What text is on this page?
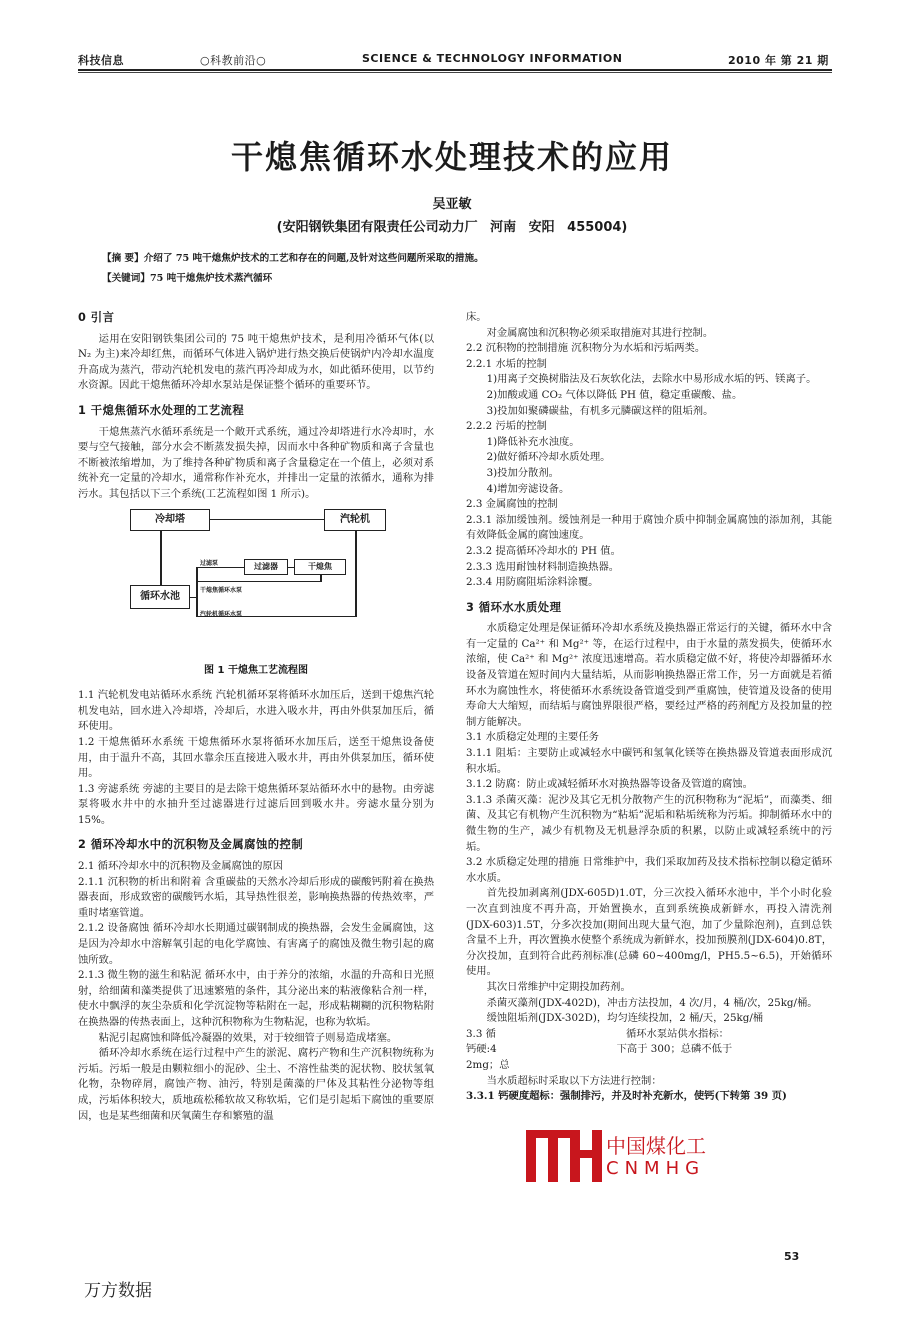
科技信息	○科教前沿○	SCIENCE & TECHNOLOGY INFORMATION	2010 年 第 21 期
干熄焦循环水处理技术的应用
吴亚敏
(安阳钢铁集团有限责任公司动力厂 河南 安阳 455004)
【摘 要】介绍了 75 吨干熄焦炉技术的工艺和存在的问题,及针对这些问题所采取的措施。
【关键词】75 吨干熄焦炉技术蒸汽循环
0 引言

运用在安阳钢铁集团公司的 75 吨干熄焦炉技术，是利用冷循环气体(以 N₂ 为主)来冷却红焦，而循环气体进入锅炉进行热交换后使锅炉内冷却水温度升高成为蒸汽，带动汽轮机发电的蒸汽再冷却成为水，如此循环使用，以节约水资源。因此干熄焦循环冷却水泵站是保证整个循环的重要环节。

1 干熄焦循环水处理的工艺流程

干熄焦蒸汽水循环系统是一个敞开式系统，通过冷却塔进行水冷却时，水要与空气接触，部分水会不断蒸发损失掉，因而水中各种矿物质和离子含量也不断被浓缩增加，为了维持各种矿物质和离子含量稳定在一个值上，必须对系统补充一定量的冷却水，通常称作补充水，并排出一定量的浓循水，通称为排污水。其包括以下三个系统(工艺流程如图 1 所示)。

冷却塔	汽轮机
过滤器	干熄焦
循环水池
过滤泵
干熄焦循环水泵
汽轮机循环水泵
图 1 干熄焦工艺流程图

1.1 汽轮机发电站循环水系统 汽轮机循环泵将循环水加压后，送到干熄焦汽轮机发电站，回水进入冷却塔，冷却后，水进入吸水井，再由外供泵加压后，循环使用。

1.2 干熄焦循环水系统 干熄焦循环水泵将循环水加压后，送至干熄焦设备使用，由于温升不高，其回水靠余压直接进入吸水井，再由外供泵加压，循环使用。

1.3 旁滤系统 旁滤的主要目的是去除干熄焦循环泵站循环水中的悬物。由旁滤泵将吸水井中的水抽升至过滤器进行过滤后回到吸水井。旁滤水量分别为 15%。

2 循环冷却水中的沉积物及金属腐蚀的控制

2.1 循环冷却水中的沉积物及金属腐蚀的原因

2.1.1 沉积物的析出和附着 含重碳盐的天然水冷却后形成的碳酸钙附着在换热器表面，形成致密的碳酸钙水垢，其导热性很差，影响换热器的传热效率，严重时堵塞管道。

2.1.2 设备腐蚀 循环冷却水长期通过碳钢制成的换热器，会发生金属腐蚀，这是因为冷却水中溶解氧引起的电化学腐蚀、有害离子的腐蚀及微生物引起的腐蚀所致。

2.1.3 微生物的滋生和粘泥 循环水中，由于养分的浓缩，水温的升高和日光照射，给细菌和藻类提供了迅速繁殖的条件，其分泌出来的粘液像粘合剂一样，使水中飘浮的灰尘杂质和化学沉淀物等粘附在一起，形成粘糊糊的沉积物粘附在换热器的传热表面上，这种沉积物称为生物粘泥，也称为软垢。

粘泥引起腐蚀和降低冷凝器的效果，对于较细管子则易造成堵塞。

循环冷却水系统在运行过程中产生的淤泥、腐朽产物和生产沉积物统称为污垢。污垢一般是由颗粒细小的泥砂、尘土、不溶性盐类的泥状物、胶状氢氧化物，杂物碎屑，腐蚀产物、油污，特别是菌藻的尸体及其粘性分泌物等组成，污垢体积较大，质地疏松稀软故又称软垢，它们是引起垢下腐蚀的重要原因，也是某些细菌和厌氧菌生存和繁殖的温

床。

对金属腐蚀和沉积物必须采取措施对其进行控制。

2.2 沉积物的控制措施 沉积物分为水垢和污垢两类。

2.2.1 水垢的控制

1)用离子交换树脂法及石灰软化法，去除水中易形成水垢的钙、镁离子。

2)加酸或通 CO₂ 气体以降低 PH 值，稳定重碳酸、盐。

3)投加如聚磷碳盐，有机多元膦碳这样的阻垢剂。

2.2.2 污垢的控制

1)降低补充水浊度。

2)做好循环冷却水质处理。

3)投加分散剂。

4)增加旁滤设备。

2.3 金属腐蚀的控制

2.3.1 添加缓蚀剂。缓蚀剂是一种用于腐蚀介质中抑制金属腐蚀的添加剂，其能有效降低金属的腐蚀速度。

2.3.2 提高循环冷却水的 PH 值。

2.3.3 选用耐蚀材料制造换热器。

2.3.4 用防腐阻垢涂料涂覆。

3 循环水水质处理

水质稳定处理是保证循环冷却水系统及换热器正常运行的关键，循环水中含有一定量的 Ca²⁺ 和 Mg²⁺ 等，在运行过程中，由于水量的蒸发损失，使循环水浓缩，使 Ca²⁺ 和 Mg²⁺ 浓度迅速增高。若水质稳定做不好，将使冷却器循环水设备及管道在短时间内大量结垢，从而影响换热器正常工作，另一方面就是若循环水为腐蚀性水，将使循环水系统设备管道受到严重腐蚀，使管道及设备的使用寿命大大缩短，而结垢与腐蚀界限很严格，要经过严格的药剂配方及投加量的控制方能解决。

3.1 水质稳定处理的主要任务

3.1.1 阻垢：主要防止或减轻水中碳钙和氢氧化镁等在换热器及管道表面形成沉积水垢。

3.1.2 防腐：防止或减轻循环水对换热器等设备及管道的腐蚀。

3.1.3 杀菌灭藻：泥沙及其它无机分散物产生的沉积物称为“泥垢”，而藻类、细菌、及其它有机物产生沉积物为“粘垢”泥垢和粘垢统称为污垢。抑制循环水中的微生物的生产，减少有机物及无机悬浮杂质的积累，以防止或减轻系统中的污垢。

3.2 水质稳定处理的措施 日常维护中，我们采取加药及技术指标控制以稳定循环水水质。

首先投加剥离剂(JDX-605D)1.0T，分三次投入循环水池中，半个小时化验一次直到浊度不再升高，开始置换水，直到系统换成新鲜水，再投入清洗剂(JDX-603)1.5T，分多次投加(期间出现大量气泡，加了少量除泡剂)，直到总铁含量不上升，再次置换水使整个系统成为新鲜水，投加预膜剂(JDX-604)0.8T，分次投加，直到符合此药剂标准(总磷 60~400mg/l，PH5.5~6.5)，开始循环使用。

其次日常维护中定期投加药剂。

杀菌灭藻剂(JDX-402D)，冲击方法投加，4 次/月，4 桶/次，25kg/桶。

缓蚀阻垢剂(JDX-302D)，均匀连续投加，2 桶/天，25kg/桶

3.3 循	循环水泵站供水指标：

钙硬:4	下高于 300；总磷不低于

2mg；总

当水质超标时采取以下方法进行控制：

3.3.1 钙硬度超标：强制排污，并及时补充新水，使钙(下转第 39 页)

中国煤化工
CNMHG
53
万方数据
